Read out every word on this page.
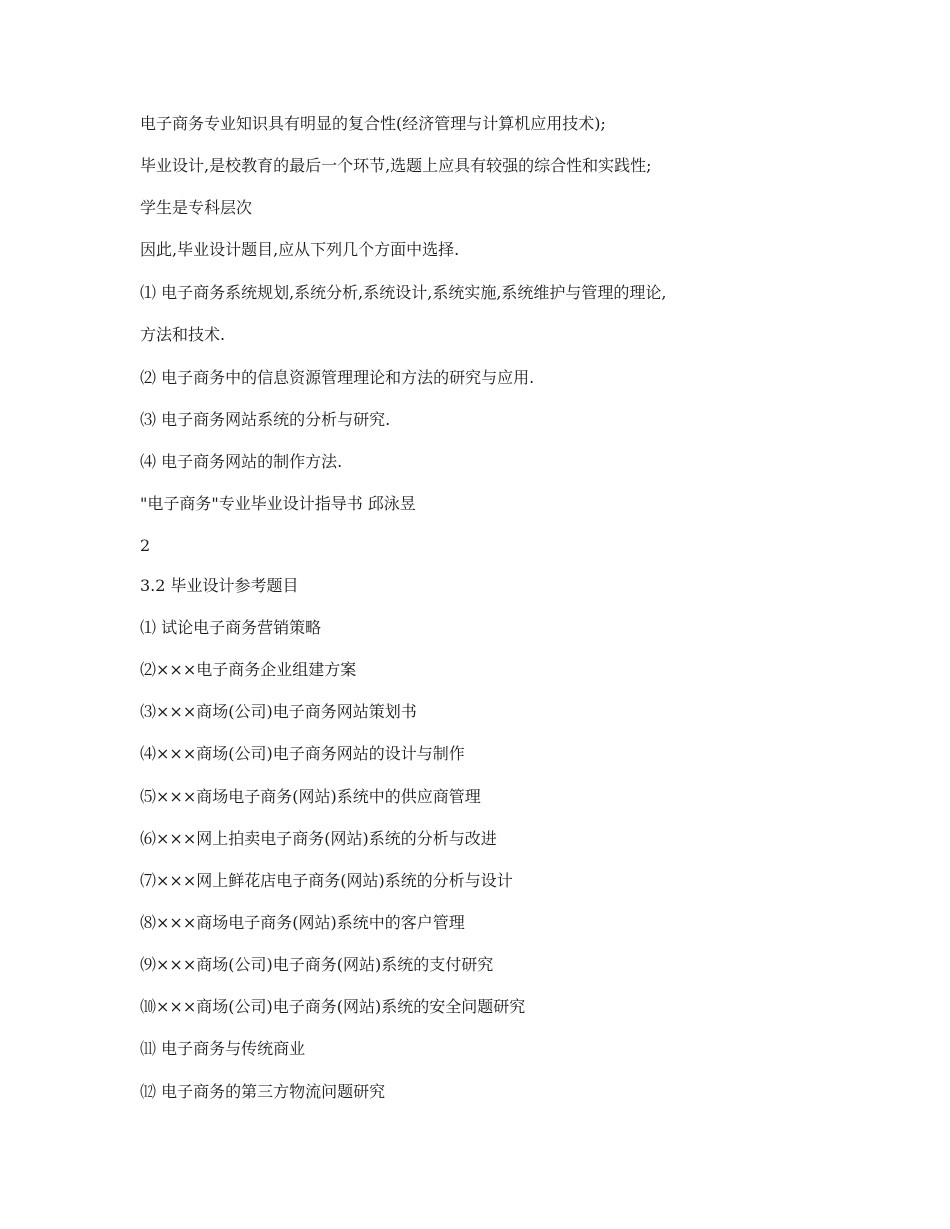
电子商务专业知识具有明显的复合性(经济管理与计算机应用技术);
毕业设计,是校教育的最后一个环节,选题上应具有较强的综合性和实践性;
学生是专科层次
因此,毕业设计题目,应从下列几个方面中选择.
⑴ 电子商务系统规划,系统分析,系统设计,系统实施,系统维护与管理的理论,
方法和技术.
⑵ 电子商务中的信息资源管理理论和方法的研究与应用.
⑶ 电子商务网站系统的分析与研究.
⑷ 电子商务网站的制作方法.
"电子商务"专业毕业设计指导书 邱泳昱
2
3.2 毕业设计参考题目
⑴ 试论电子商务营销策略
⑵×××电子商务企业组建方案
⑶×××商场(公司)电子商务网站策划书
⑷×××商场(公司)电子商务网站的设计与制作
⑸×××商场电子商务(网站)系统中的供应商管理
⑹×××网上拍卖电子商务(网站)系统的分析与改进
⑺×××网上鲜花店电子商务(网站)系统的分析与设计
⑻×××商场电子商务(网站)系统中的客户管理
⑼×××商场(公司)电子商务(网站)系统的支付研究
⑽×××商场(公司)电子商务(网站)系统的安全问题研究
⑾ 电子商务与传统商业
⑿ 电子商务的第三方物流问题研究
